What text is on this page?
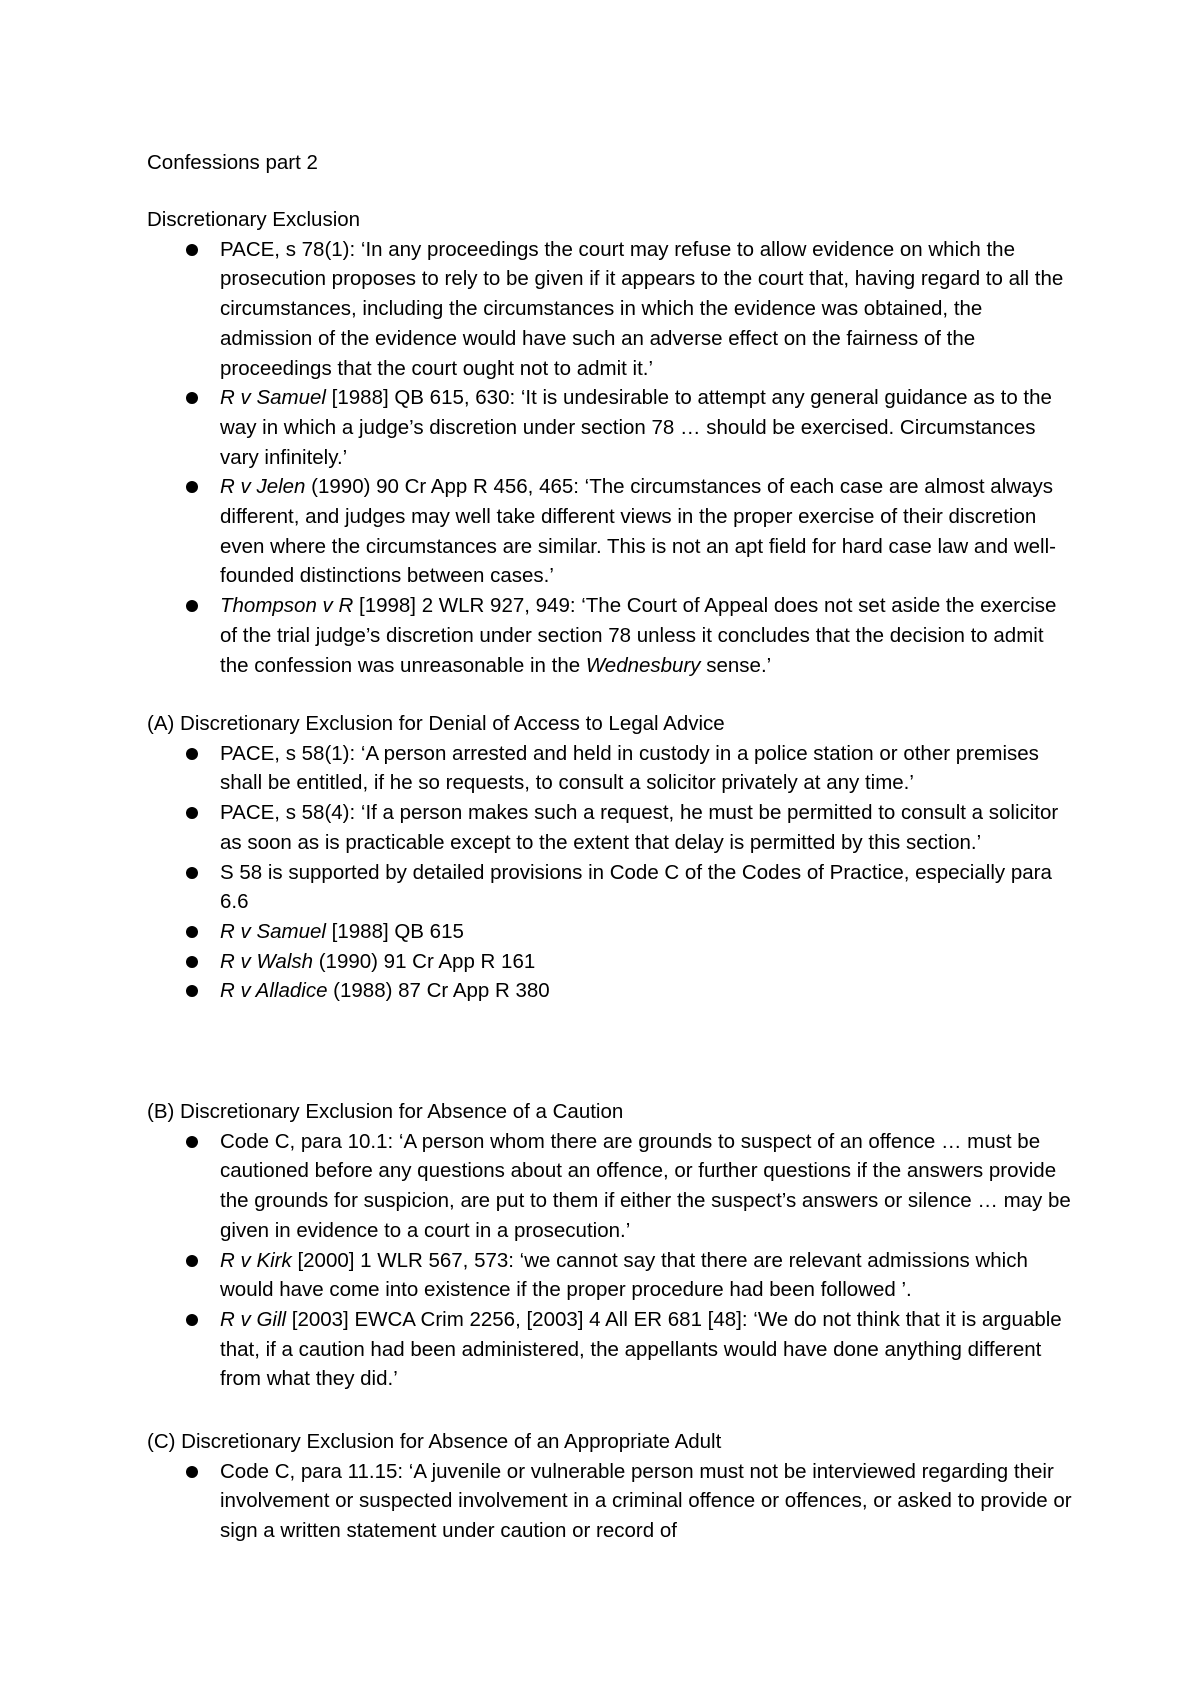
Confessions part 2
Discretionary Exclusion
PACE, s 78(1): ‘In any proceedings the court may refuse to allow evidence on which the prosecution proposes to rely to be given if it appears to the court that, having regard to all the circumstances, including the circumstances in which the evidence was obtained, the admission of the evidence would have such an adverse effect on the fairness of the proceedings that the court ought not to admit it.’
R v Samuel [1988] QB 615, 630: ‘It is undesirable to attempt any general guidance as to the way in which a judge’s discretion under section 78 … should be exercised. Circumstances vary infinitely.’
R v Jelen (1990) 90 Cr App R 456, 465: ‘The circumstances of each case are almost always different, and judges may well take different views in the proper exercise of their discretion even where the circumstances are similar. This is not an apt field for hard case law and well-founded distinctions between cases.’
Thompson v R [1998] 2 WLR 927, 949: ‘The Court of Appeal does not set aside the exercise of the trial judge’s discretion under section 78 unless it concludes that the decision to admit the confession was unreasonable in the Wednesbury sense.’
(A) Discretionary Exclusion for Denial of Access to Legal Advice
PACE, s 58(1): ‘A person arrested and held in custody in a police station or other premises shall be entitled, if he so requests, to consult a solicitor privately at any time.’
PACE, s 58(4): ‘If a person makes such a request, he must be permitted to consult a solicitor as soon as is practicable except to the extent that delay is permitted by this section.’
S 58 is supported by detailed provisions in Code C of the Codes of Practice, especially para 6.6
R v Samuel [1988] QB 615
R v Walsh (1990) 91 Cr App R 161
R v Alladice (1988) 87 Cr App R 380
(B) Discretionary Exclusion for Absence of a Caution
Code C, para 10.1: ‘A person whom there are grounds to suspect of an offence … must be cautioned before any questions about an offence, or further questions if the answers provide the grounds for suspicion, are put to them if either the suspect’s answers or silence … may be given in evidence to a court in a prosecution.’
R v Kirk [2000] 1 WLR 567, 573: ‘we cannot say that there are relevant admissions which would have come into existence if the proper procedure had been followed ’.
R v Gill [2003] EWCA Crim 2256, [2003] 4 All ER 681 [48]: ‘We do not think that it is arguable that, if a caution had been administered, the appellants would have done anything different from what they did.’
(C) Discretionary Exclusion for Absence of an Appropriate Adult
Code C, para 11.15: ‘A juvenile or vulnerable person must not be interviewed regarding their involvement or suspected involvement in a criminal offence or offences, or asked to provide or sign a written statement under caution or record of
